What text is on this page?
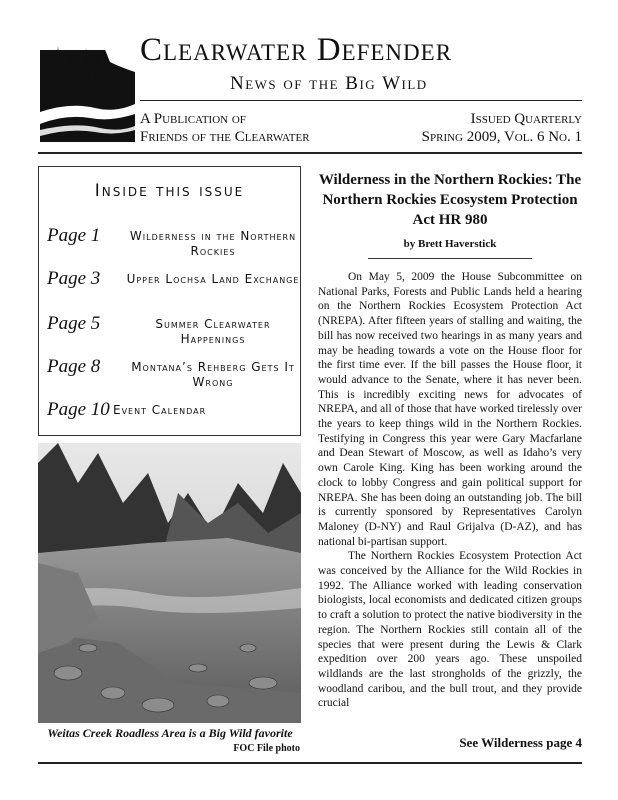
Clearwater Defender
News of the Big Wild
A Publication of
Friends of the Clearwater
Issued Quarterly
Spring 2009, Vol. 6 No. 1
Inside this issue
Page 1	Wilderness in the Northern Rockies
Page 3 Upper Lochsa Land Exchange
Page 5	Summer Clearwater Happenings
Page 8	Montana’s Rehberg Gets It Wrong
Page 10 Event Calendar
Weitas Creek Roadless Area is a Big Wild favorite
FOC File photo
Wilderness in the Northern Rockies: The Northern Rockies Ecosystem Protection Act HR 980
by Brett Haverstick

On May 5, 2009 the House Subcommittee on National Parks, Forests and Public Lands held a hearing on the Northern Rockies Ecosystem Protection Act (NREPA). After fifteen years of stalling and waiting, the bill has now received two hearings in as many years and may be heading towards a vote on the House floor for the first time ever. If the bill passes the House floor, it would advance to the Senate, where it has never been. This is incredibly exciting news for advocates of NREPA, and all of those that have worked tirelessly over the years to keep things wild in the Northern Rockies. Testifying in Congress this year were Gary Macfarlane and Dean Stewart of Moscow, as well as Idaho’s very own Carole King. King has been working around the clock to lobby Congress and gain political support for NREPA. She has been doing an outstanding job. The bill is currently sponsored by Representatives Carolyn Maloney (D-NY) and Raul Grijalva (D-AZ), and has national bi-partisan support.

The Northern Rockies Ecosystem Protection Act was conceived by the Alliance for the Wild Rockies in 1992. The Alliance worked with leading conservation biologists, local economists and dedicated citizen groups to craft a solution to protect the native biodiversity in the region. The Northern Rockies still contain all of the species that were present during the Lewis & Clark expedition over 200 years ago. These unspoiled wildlands are the last strongholds of the grizzly, the woodland caribou, and the bull trout, and they provide crucial

See Wilderness page 4
